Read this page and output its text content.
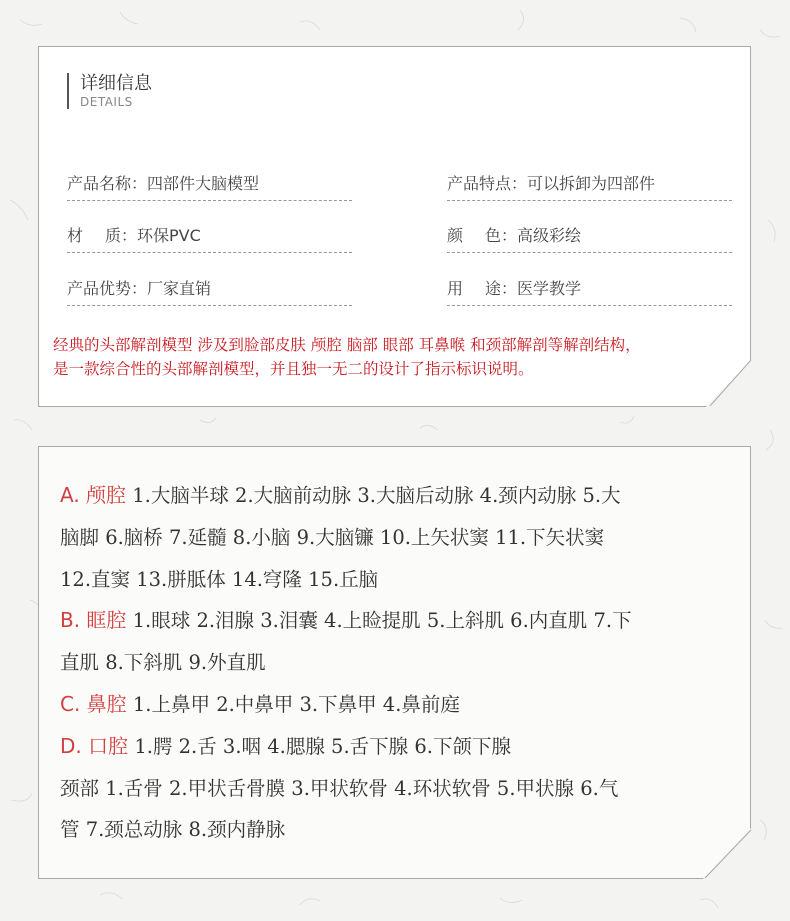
详细信息
DETAILS
产品名称：四部件大脑模型	产品特点：可以拆卸为四部件
材 质： 环保PVC	颜 色： 高级彩绘
产品优势：厂家直销	用 途： 医学教学
经典的头部解剖模型 涉及到脸部皮肤 颅腔 脑部 眼部 耳鼻喉 和颈部解剖等解剖结构，
是一款综合性的头部解剖模型，并且独一无二的设计了指示标识说明。
A. 颅腔 1.大脑半球 2.大脑前动脉 3.大脑后动脉 4.颈内动脉 5.大
脑脚 6.脑桥 7.延髓 8.小脑 9.大脑镰 10.上矢状窦 11.下矢状窦
12.直窦 13.胼胝体 14.穹隆 15.丘脑
B. 眶腔 1.眼球 2.泪腺 3.泪囊 4.上睑提肌 5.上斜肌 6.内直肌 7.下
直肌 8.下斜肌 9.外直肌
C. 鼻腔 1.上鼻甲 2.中鼻甲 3.下鼻甲 4.鼻前庭
D. 口腔 1.腭 2.舌 3.咽 4.腮腺 5.舌下腺 6.下颌下腺
颈部 1.舌骨 2.甲状舌骨膜 3.甲状软骨 4.环状软骨 5.甲状腺 6.气
管 7.颈总动脉 8.颈内静脉
